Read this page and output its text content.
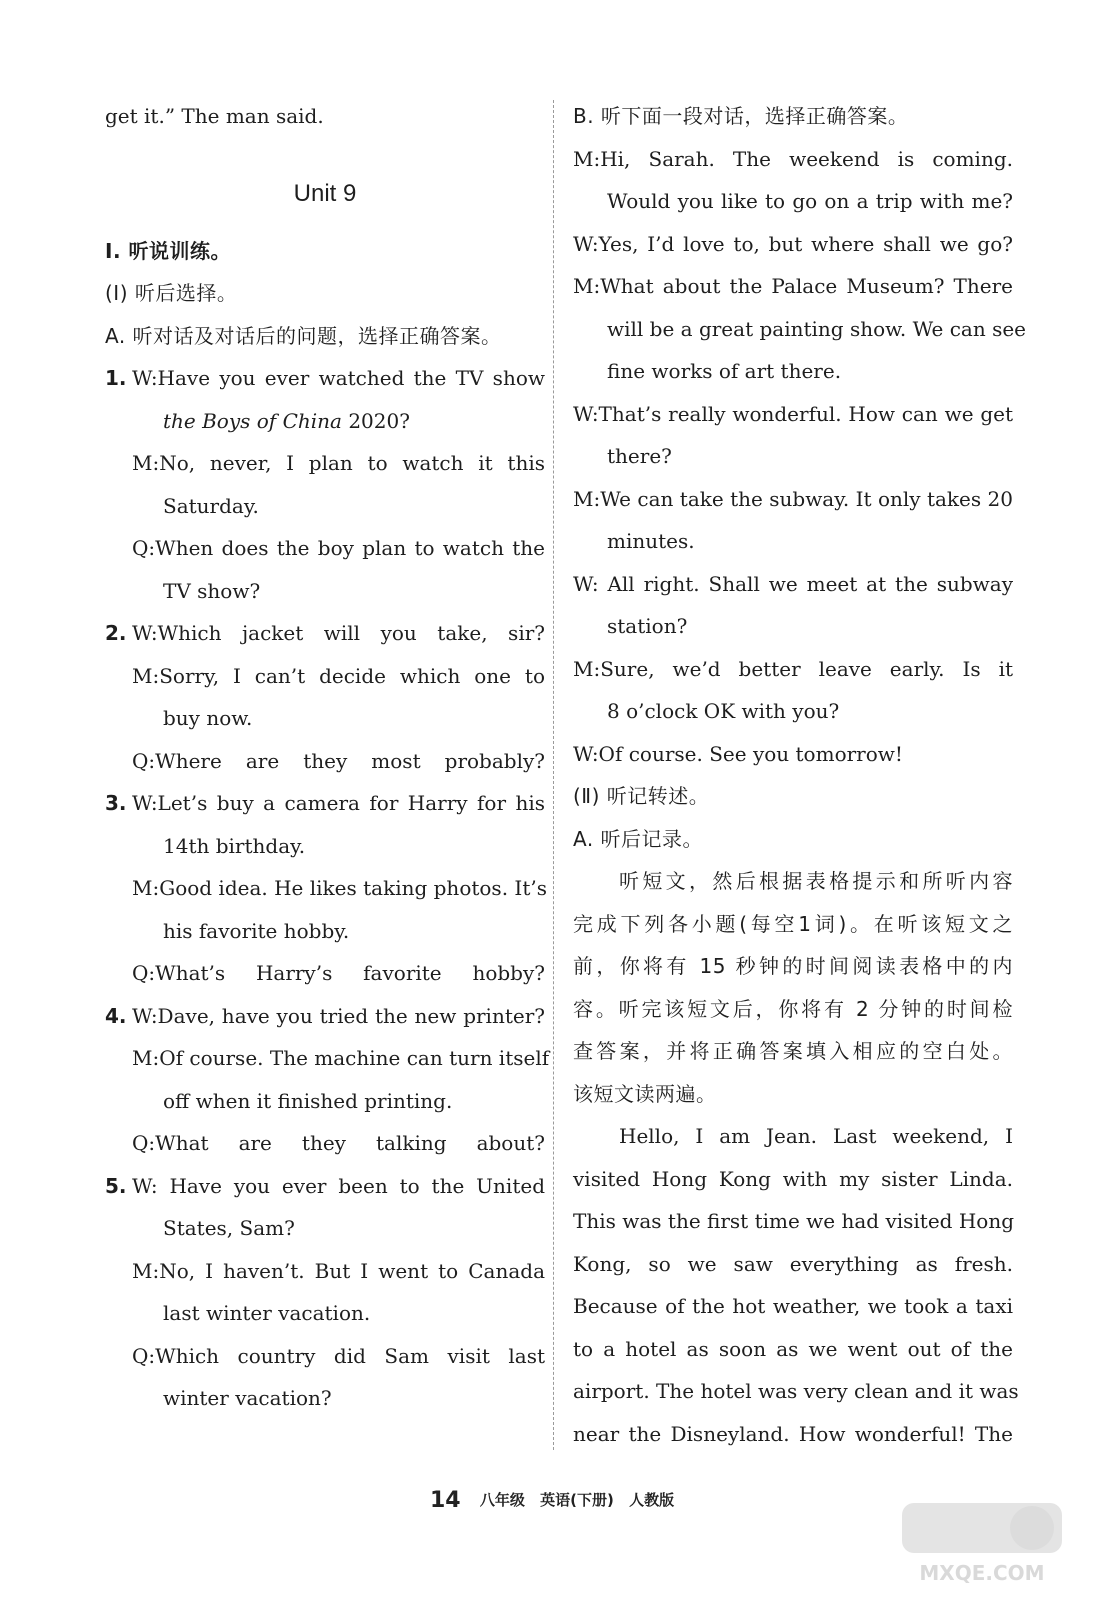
get it.” The man said.
Unit 9
Ⅰ. 听说训练。
(Ⅰ) 听后选择。
A. 听对话及对话后的问题，选择正确答案。
1. W:Have you ever watched the TV show
the Boys of China 2020?
M:No, never, I plan to watch it this
Saturday.
Q:When does the boy plan to watch the
TV show?
2. W:Which jacket will you take, sir?
M:Sorry, I can’t decide which one to
buy now.
Q:Where are they most probably?
3. W:Let’s buy a camera for Harry for his
14th birthday.
M:Good idea. He likes taking photos. It’s
his favorite hobby.
Q:What’s Harry’s favorite hobby?
4. W:Dave, have you tried the new printer?
M:Of course. The machine can turn itself
off when it finished printing.
Q:What are they talking about?
5. W: Have you ever been to the United
States, Sam?
M:No, I haven’t. But I went to Canada
last winter vacation.
Q:Which country did Sam visit last
winter vacation?
B. 听下面一段对话，选择正确答案。
M:Hi, Sarah. The weekend is coming.
Would you like to go on a trip with me?
W:Yes, I’d love to, but where shall we go?
M:What about the Palace Museum? There
will be a great painting show. We can see
fine works of art there.
W:That’s really wonderful. How can we get
there?
M:We can take the subway. It only takes 20
minutes.
W: All right. Shall we meet at the subway
station?
M:Sure, we’d better leave early. Is it
8 o’clock OK with you?
W:Of course. See you tomorrow!
(Ⅱ) 听记转述。
A. 听后记录。
听短文，然后根据表格提示和所听内容
完成下列各小题(每空1词)。在听该短文之
前，你将有 15 秒钟的时间阅读表格中的内
容。听完该短文后，你将有 2 分钟的时间检
查答案，并将正确答案填入相应的空白处。
该短文读两遍。
Hello, I am Jean. Last weekend, I
visited Hong Kong with my sister Linda.
This was the first time we had visited Hong
Kong, so we saw everything as fresh.
Because of the hot weather, we took a taxi
to a hotel as soon as we went out of the
airport. The hotel was very clean and it was
near the Disneyland. How wonderful! The
14 八年级 英语(下册) 人教版
MXQE.COM
